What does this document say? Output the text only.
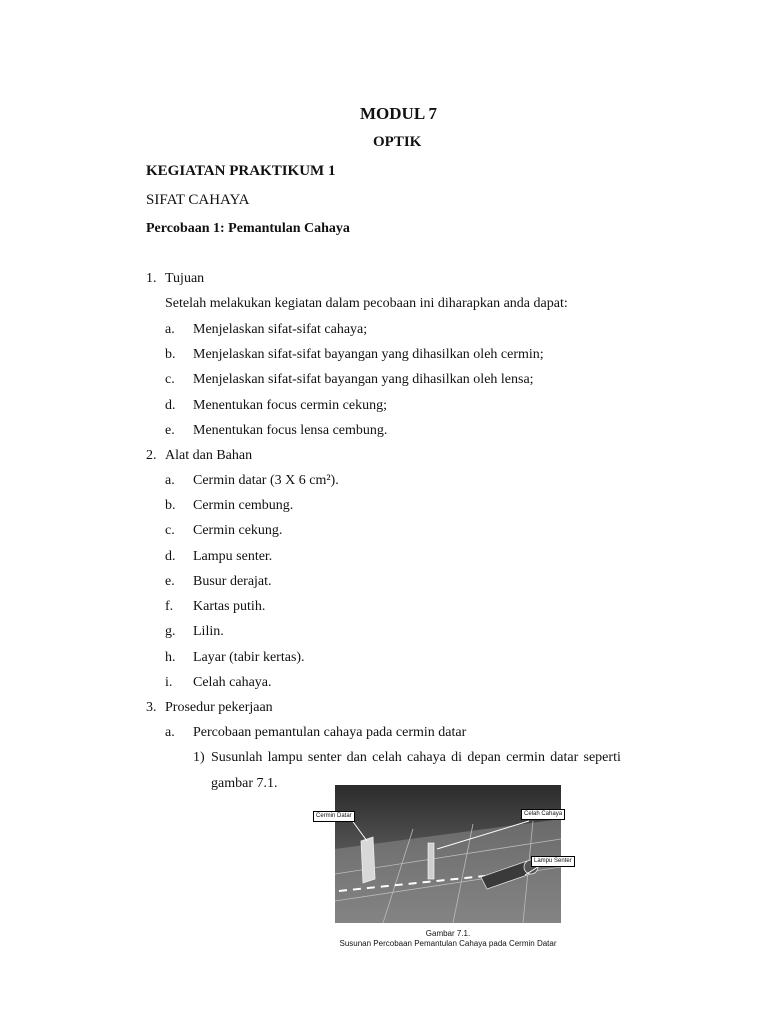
MODUL 7
OPTIK
KEGIATAN PRAKTIKUM 1
SIFAT CAHAYA
Percobaan 1: Pemantulan Cahaya
1. Tujuan
Setelah melakukan kegiatan dalam pecobaan ini diharapkan anda dapat:
a. Menjelaskan sifat-sifat cahaya;
b. Menjelaskan sifat-sifat bayangan yang dihasilkan oleh cermin;
c. Menjelaskan sifat-sifat bayangan yang dihasilkan oleh lensa;
d. Menentukan focus cermin cekung;
e. Menentukan focus lensa cembung.
2. Alat dan Bahan
a. Cermin datar (3 X 6 cm²).
b. Cermin cembung.
c. Cermin cekung.
d. Lampu senter.
e. Busur derajat.
f. Kartas putih.
g. Lilin.
h. Layar (tabir kertas).
i. Celah cahaya.
3. Prosedur pekerjaan
a. Percobaan pemantulan cahaya pada cermin datar
1) Susunlah lampu senter dan celah cahaya di depan cermin datar seperti
gambar 7.1.
Cermin Datar	Celah Cahaya
Lampu Senter
Gambar 7.1.
Susunan Percobaan Pemantulan Cahaya pada Cermin Datar
